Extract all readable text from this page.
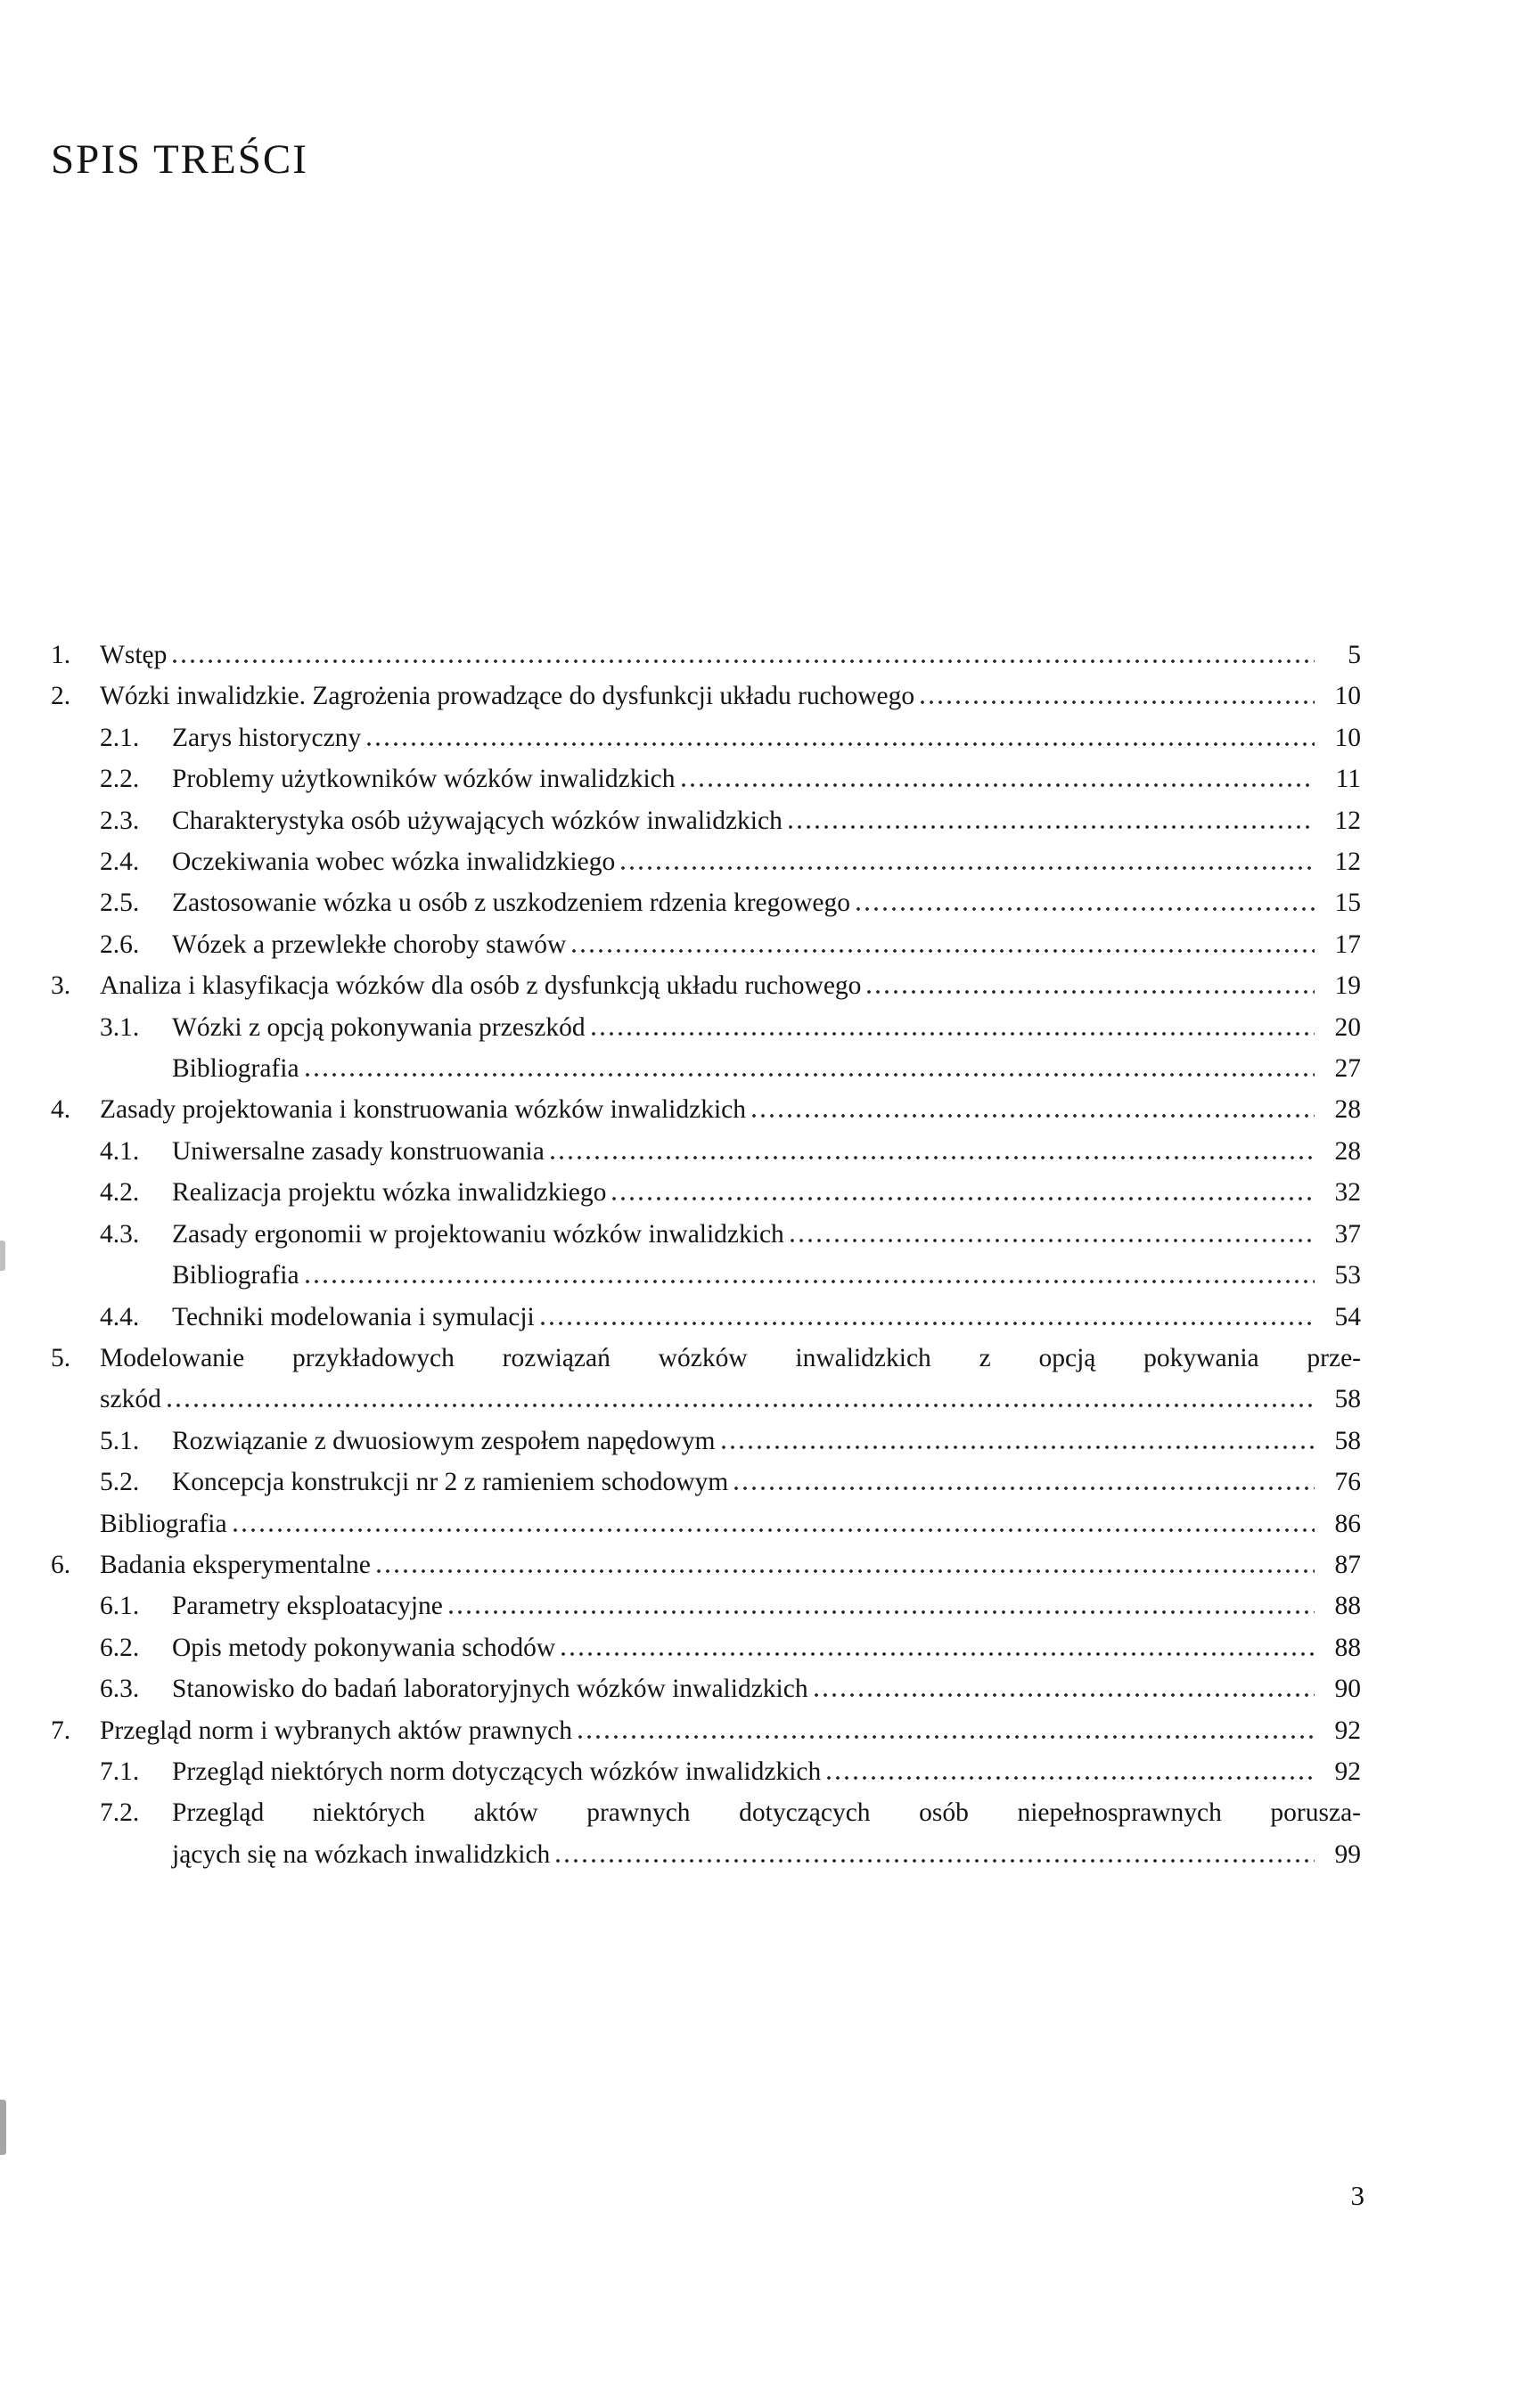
SPIS TREŚCI
1.	Wstęp	5
2.	Wózki inwalidzkie. Zagrożenia prowadzące do dysfunkcji układu ruchowego	10
2.1.	Zarys historyczny	10
2.2.	Problemy użytkowników wózków inwalidzkich	11
2.3.	Charakterystyka osób używających wózków inwalidzkich	12
2.4.	Oczekiwania wobec wózka inwalidzkiego	12
2.5.	Zastosowanie wózka u osób z uszkodzeniem rdzenia kregowego	15
2.6.	Wózek a przewlekłe choroby stawów	17
3.	Analiza i klasyfikacja wózków dla osób z dysfunkcją układu ruchowego	19
3.1.	Wózki z opcją pokonywania przeszkód	20
Bibliografia	27
4.	Zasady projektowania i konstruowania wózków inwalidzkich	28
4.1.	Uniwersalne zasady konstruowania	28
4.2.	Realizacja projektu wózka inwalidzkiego	32
4.3.	Zasady ergonomii w projektowaniu wózków inwalidzkich	37
Bibliografia	53
4.4.	Techniki modelowania i symulacji	54
5.	Modelowanie przykładowych rozwiązań wózków inwalidzkich z opcją pokywania prze-
szkód	58
5.1.	Rozwiązanie z dwuosiowym zespołem napędowym	58
5.2.	Koncepcja konstrukcji nr 2 z ramieniem schodowym	76
Bibliografia	86
6.	Badania eksperymentalne	87
6.1.	Parametry eksploatacyjne	88
6.2.	Opis metody pokonywania schodów	88
6.3.	Stanowisko do badań laboratoryjnych wózków inwalidzkich	90
7.	Przegląd norm i wybranych aktów prawnych	92
7.1.	Przegląd niektórych norm dotyczących wózków inwalidzkich	92
7.2.	Przegląd niektórych aktów prawnych dotyczących osób niepełnosprawnych porusza-
jących się na wózkach inwalidzkich	99
3
